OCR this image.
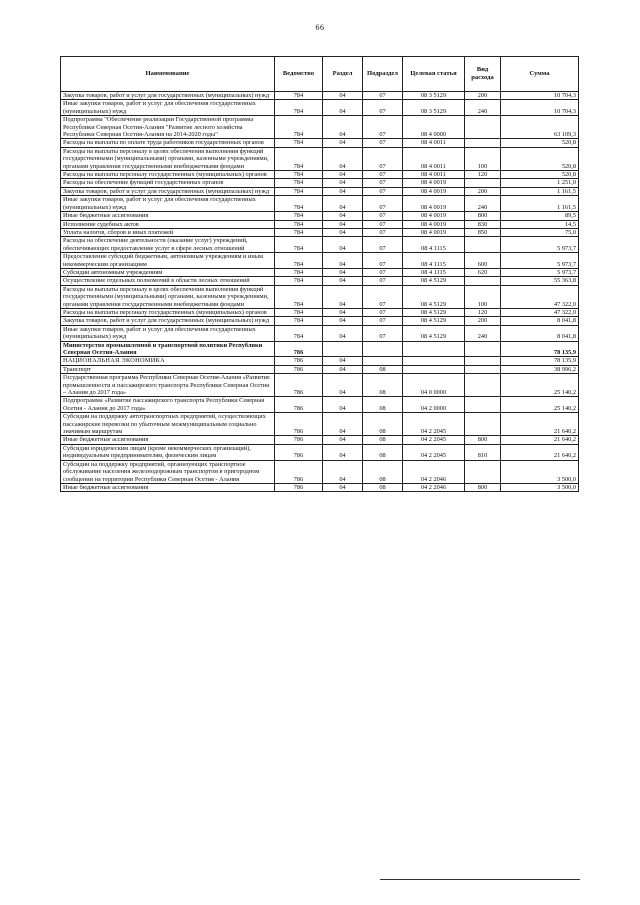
66
Наименование	Ведомство	Раздел	Подраздел	Целевая статья	Вид расхода	Сумма
Закупка товаров, работ и услуг для государственных (муниципальных) нужд	784	04	07	08 3 5129	200	10 704,3
Иные закупки товаров, работ и услуг для обеспечения государственных (муниципальных) нужд	784	04	07	08 3 5129	240	10 704,3
Подпрограмма "Обеспечение реализации Государственной программы Республики Северная Осетия-Алания "Развитие лесного хозяйства Республики Северная Осетия-Алания на 2014-2020 годы"	784	04	07	08 4 0000		63 109,3
Расходы на выплаты по оплате труда работников государственных органов	784	04	07	08 4 0011		520,8
Расходы на выплаты персоналу в целях обеспечения выполнения функций государственными (муниципальными) органами, казенными учреждениями, органами управления государственными внебюджетными фондами	784	04	07	08 4 0011	100	520,8
Расходы на выплаты персоналу государственных (муниципальных) органов	784	04	07	08 4 0011	120	520,8
Расходы на обеспечение функций государственных органов	784	04	07	08 4 0019		1 251,0
Закупка товаров, работ и услуг для государственных (муниципальных) нужд	784	04	07	08 4 0019	200	1 161,5
Иные закупки товаров, работ и услуг для обеспечения государственных (муниципальных) нужд	784	04	07	08 4 0019	240	1 161,5
Иные бюджетные ассигнования	784	04	07	08 4 0019	800	89,5
Исполнение судебных актов	784	04	07	08 4 0019	830	14,5
Уплата налогов, сборов и иных платежей	784	04	07	08 4 0019	850	75,0
Расходы на обеспечение деятельности (оказание услуг) учреждений, обеспечивающих предоставление услуг в сфере лесных отношений	784	04	07	08 4 1115		5 973,7
Предоставление субсидий бюджетным, автономным учреждениям и иным некоммерческим организациям	784	04	07	08 4 1115	600	5 973,7
Субсидии автономным учреждениям	784	04	07	08 4 1115	620	5 973,7
Осуществление отдельных полномочий в области лесных отношений	784	04	07	08 4 5129		55 363,8
Расходы на выплаты персоналу в целях обеспечения выполнения функций государственными (муниципальными) органами, казенными учреждениями, органами управления государственными внебюджетными фондами	784	04	07	08 4 5129	100	47 322,0
Расходы на выплаты персоналу государственных (муниципальных) органов	784	04	07	08 4 5129	120	47 322,0
Закупка товаров, работ и услуг для государственных (муниципальных) нужд	784	04	07	08 4 5129	200	8 041,8
Иные закупки товаров, работ и услуг для обеспечения государственных (муниципальных) нужд	784	04	07	08 4 5129	240	8 041,8
Министерство промышленной и транспортной политики Республики Северная Осетия-Алания	786					78 135,9
НАЦИОНАЛЬНАЯ ЭКОНОМИКА	786	04				78 135,9
Транспорт	786	04	08			38 996,2
Государственная программа Республики Северная Осетия-Алания «Развитие промышленности и пассажирского транспорта Республики Северная Осетия – Алания до 2017 года»	786	04	08	04 0 0000		25 140,2
Подпрограмма «Развитие пассажирского транспорта Республики Северная Осетия - Алания до 2017 года»	786	04	08	04 2 0000		25 140,2
Субсидии на поддержку автотранспортных предприятий, осуществляющих пассажирские перевозки по убыточным межмуниципальным социально значимым маршрутам	786	04	08	04 2 2045		21 640,2
Иные бюджетные ассигнования	786	04	08	04 2 2045	800	21 640,2
Субсидии юридическим лицам (кроме некоммерческих организаций), индивидуальным предпринимателям, физическим лицам	786	04	08	04 2 2045	810	21 640,2
Субсидии на поддержку предприятий, организующих транспортное обслуживание населения железнодорожным транспортом в пригородном сообщении на территории Республики Северная Осетия - Алания	786	04	08	04 2 2046		3 500,0
Иные бюджетные ассигнования	786	04	08	04 2 2046	800	3 500,0
